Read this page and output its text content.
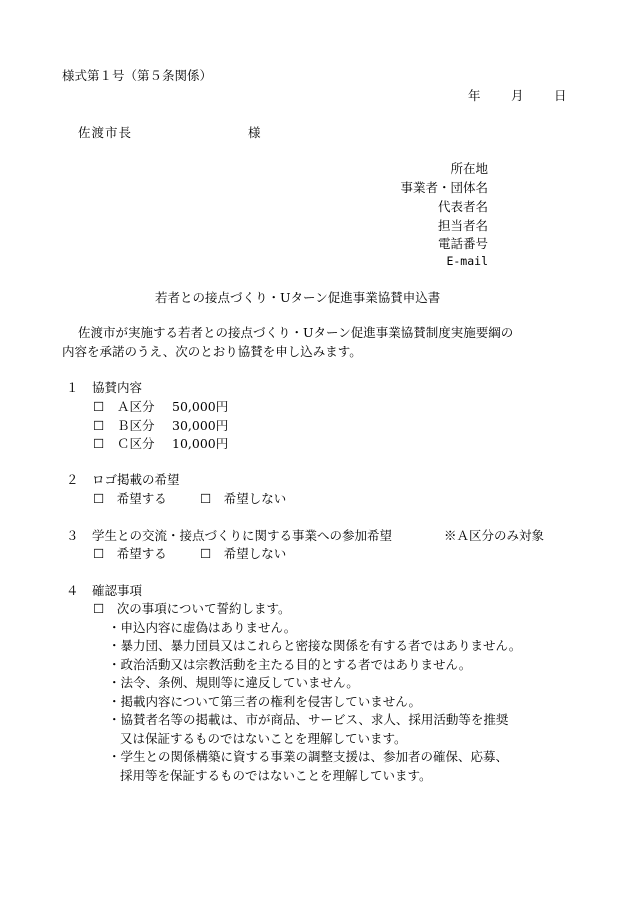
様式第１号（第５条関係）
年 月 日
佐渡市長	様
所在地
事業者・団体名
代表者名
担当者名
電話番号
E-mail
若者との接点づくり・Uターン促進事業協賛申込書
佐渡市が実施する若者との接点づくり・Uターン促進事業協賛制度実施要綱の
内容を承諾のうえ、次のとおり協賛を申し込みます。
１ 協賛内容
☐ Ａ区分 50,000円
☐ Ｂ区分 30,000円
☐ Ｃ区分 10,000円
２ ロゴ掲載の希望
☐　希望する	☐　希望しない
３ 学生との交流・接点づくりに関する事業への参加希望	※Ａ区分のみ対象
☐　希望する	☐　希望しない
４ 確認事項
☐　次の事項について誓約します。
・申込内容に虚偽はありません。
・暴力団、暴力団員又はこれらと密接な関係を有する者ではありません。
・政治活動又は宗教活動を主たる目的とする者ではありません。
・法令、条例、規則等に違反していません。
・掲載内容について第三者の権利を侵害していません。
・協賛者名等の掲載は、市が商品、サービス、求人、採用活動等を推奨
又は保証するものではないことを理解しています。
・学生との関係構築に資する事業の調整支援は、参加者の確保、応募、
採用等を保証するものではないことを理解しています。
